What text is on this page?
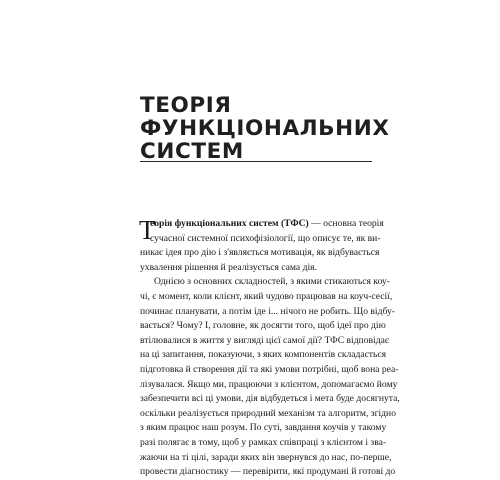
ТЕОРІЯ
ФУНКЦІОНАЛЬНИХ
СИСТЕМ
Т
еорія функціональних систем (ТФС) — основна теорія
сучасної системної психофізіології, що описує те, як ви-
никає ідея про дію і з'являється мотивація, як відбувається
ухвалення рішення й реалізується сама дія.
Однією з основних складностей, з якими стикаються коу-
чі, є момент, коли клієнт, який чудово працював на коуч-сесії,
починає планувати, а потім іде і... нічого не робить. Що відбу-
вається? Чому? І, головне, як досягти того, щоб ідеї про дію
втілювалися в життя у вигляді цієї самої дії? ТФС відповідає
на ці запитання, показуючи, з яких компонентів складається
підготовка й створення дії та які умови потрібні, щоб вона реа-
лізувалася. Якщо ми, працюючи з клієнтом, допомагаємо йому
забезпечити всі ці умови, дія відбудеться і мета буде досягнута,
оскільки реалізується природний механізм та алгоритм, згідно
з яким працює наш розум. По суті, завдання коучів у такому
разі полягає в тому, щоб у рамках співпраці з клієнтом і зва-
жаючи на ті цілі, заради яких він звернувся до нас, по-перше,
провести діагностику — перевірити, які продумані й готові до
